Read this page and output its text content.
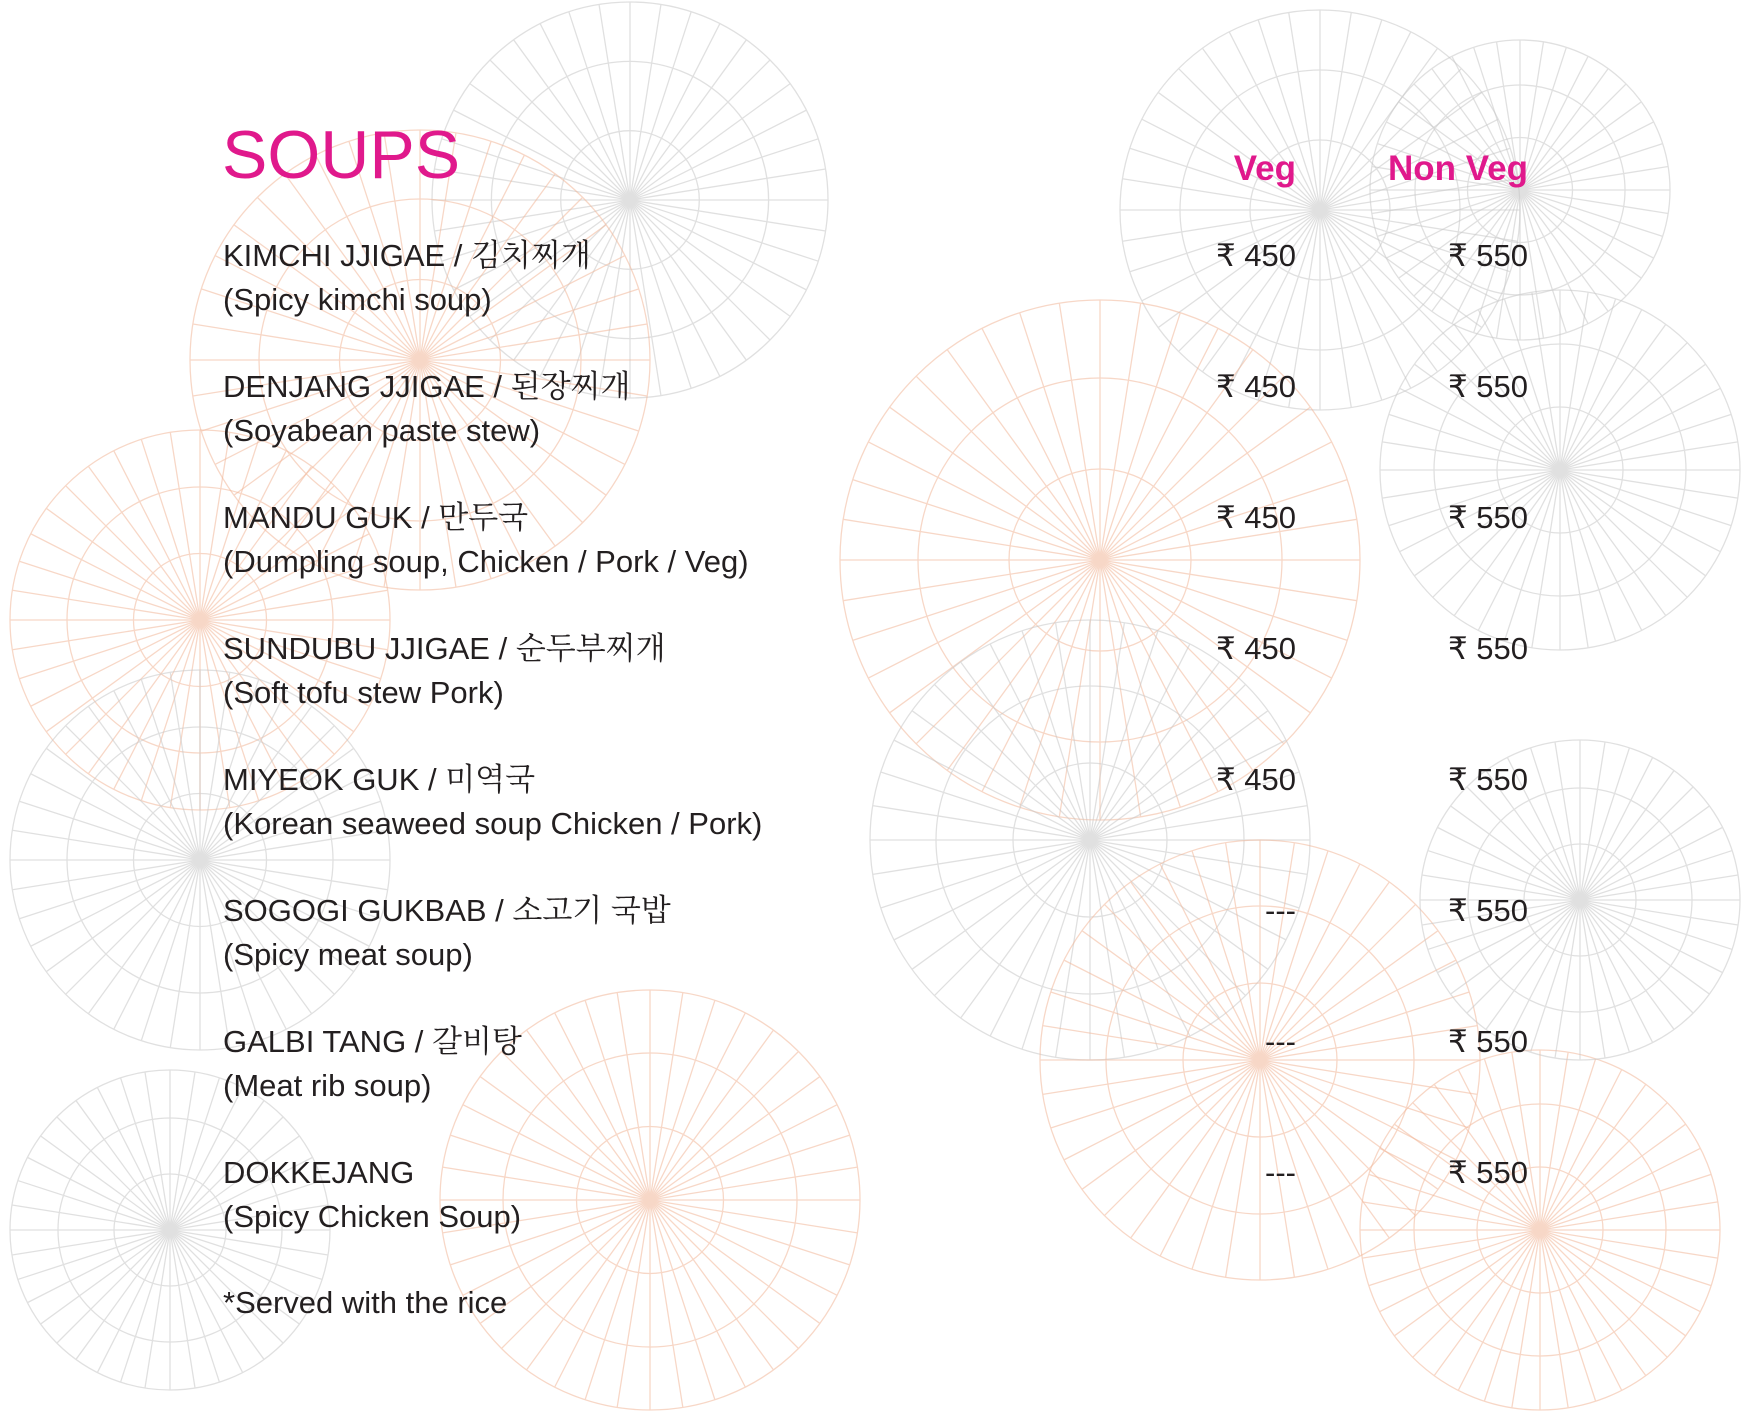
SOUPS	Veg	Non Veg
KIMCHI JJIGAE / 김치찌개
(Spicy kimchi soup)
₹ 450	₹ 550
DENJANG JJIGAE / 된장찌개
(Soyabean paste stew)
₹ 450	₹ 550
MANDU GUK / 만두국
(Dumpling soup, Chicken / Pork / Veg)
₹ 450	₹ 550
SUNDUBU JJIGAE / 순두부찌개
(Soft tofu stew Pork)
₹ 450	₹ 550
MIYEOK GUK / 미역국
(Korean seaweed soup Chicken / Pork)
₹ 450	₹ 550
SOGOGI GUKBAB / 소고기 국밥
(Spicy meat soup)
---	₹ 550
GALBI TANG / 갈비탕
(Meat rib soup)
---	₹ 550
DOKKEJANG
(Spicy Chicken Soup)
---	₹ 550
*Served with the rice
